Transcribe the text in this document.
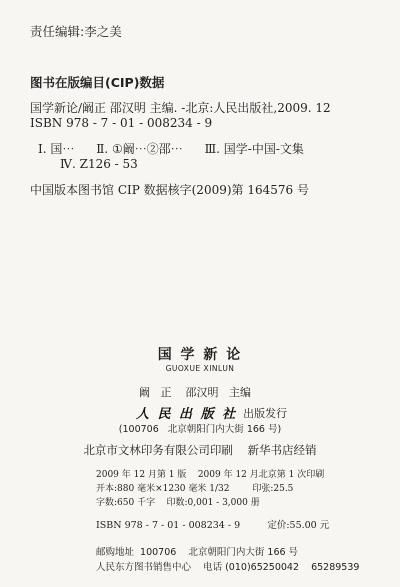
责任编辑:李之美
图书在版编目(CIP)数据
国学新论/阚正 邵汉明 主编. -北京:人民出版社,2009. 12
ISBN 978 - 7 - 01 - 008234 - 9
Ⅰ. 国⋯ Ⅱ. ①阚⋯②邵⋯ Ⅲ. 国学-中国-文集
Ⅳ. Z126 - 53
中国版本图书馆 CIP 数据核字(2009)第 164576 号
国 学 新 论
GUOXUE XINLUN
阚   正    邵汉明   主编
人 民 出 版 社 出版发行
(100706   北京朝阳门内大街 166 号)
北京市文林印务有限公司印刷    新华书店经销
2009 年 12 月第 1 版    2009 年 12 月北京第 1 次印刷
开本:880 毫米×1230 毫米 1/32        印张:25.5
字数:650 千字    印数:0,001 - 3,000 册
ISBN 978 - 7 - 01 - 008234 - 9         定价:55.00 元
邮购地址  100706    北京朝阳门内大街 166 号
人民东方图书销售中心    电话 (010)65250042    65289539
